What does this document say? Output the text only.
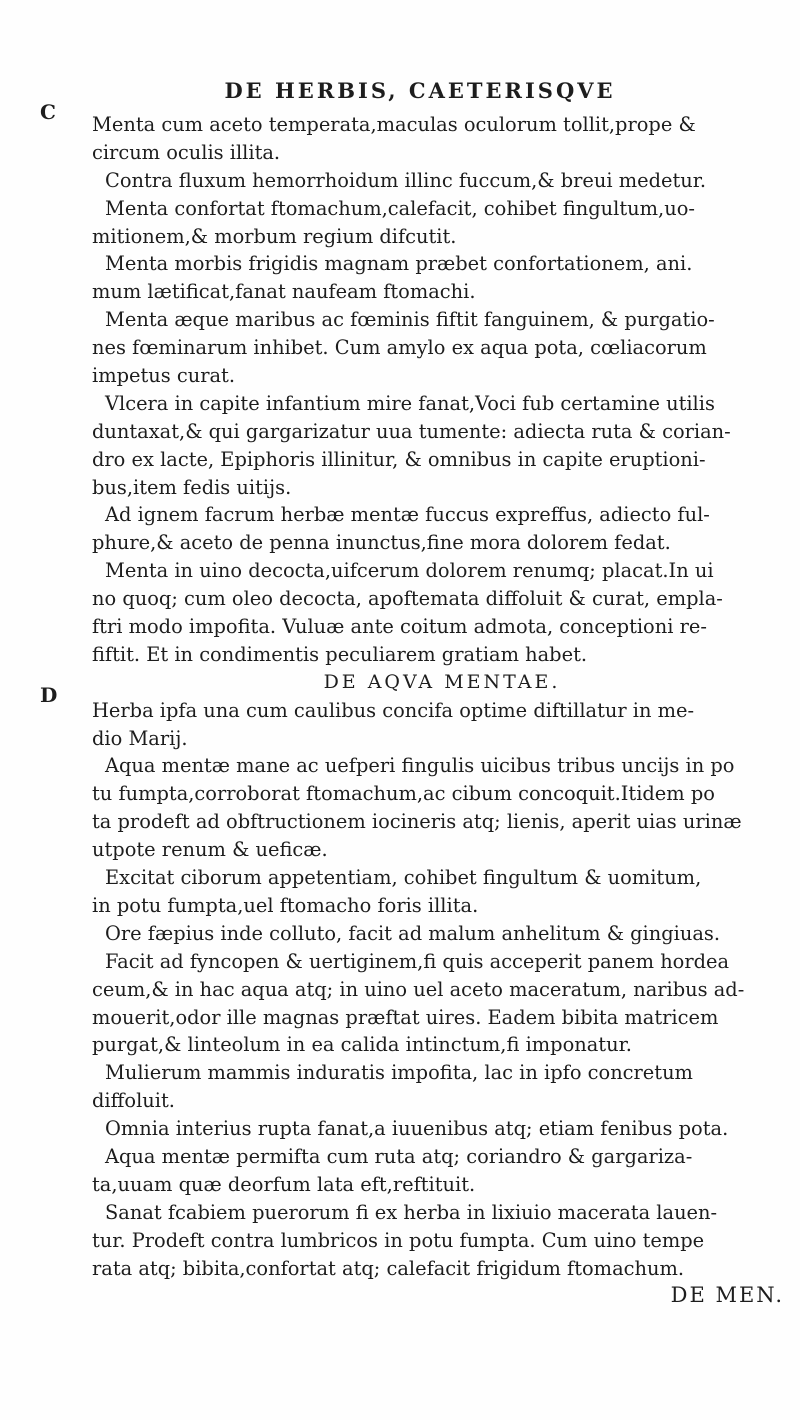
DE HERBIS, CAETERISQVE
C
D

Menta cum aceto temperata,maculas oculorum tollit,prope &

circum oculis illita.

Contra fluxum hemorrhoidum illinc fuccum,& breui medetur.

Menta confortat ftomachum,calefacit, cohibet fingultum,uo-

mitionem,& morbum regium difcutit.

Menta morbis frigidis magnam præbet confortationem, ani.

mum lætificat,fanat naufeam ftomachi.

Menta æque maribus ac fœminis fiftit fanguinem, & purgatio-

nes fœminarum inhibet. Cum amylo ex aqua pota, cœliacorum

impetus curat.

Vlcera in capite infantium mire fanat,Voci fub certamine utilis

duntaxat,& qui gargarizatur uua tumente: adiecta ruta & corian-

dro ex lacte, Epiphoris illinitur, & omnibus in capite eruptioni-

bus,item fedis uitijs.

Ad ignem facrum herbæ mentæ fuccus expreffus, adiecto ful-

phure,& aceto de penna inunctus,fine mora dolorem fedat.

Menta in uino decocta,uifcerum dolorem renumq; placat.In ui

no quoq; cum oleo decocta, apoftemata diffoluit & curat, empla-

ftri modo impofita. Vuluæ ante coitum admota, conceptioni re-

fiftit. Et in condimentis peculiarem gratiam habet.

DE AQVA MENTAE.

Herba ipfa una cum caulibus concifa optime diftillatur in me-

dio Marij.

Aqua mentæ mane ac uefperi fingulis uicibus tribus uncijs in po

tu fumpta,corroborat ftomachum,ac cibum concoquit.Itidem po

ta prodeft ad obftructionem iocineris atq; lienis, aperit uias urinæ

utpote renum & ueficæ.

Excitat ciborum appetentiam, cohibet fingultum & uomitum,

in potu fumpta,uel ftomacho foris illita.

Ore fæpius inde colluto, facit ad malum anhelitum & gingiuas.

Facit ad fyncopen & uertiginem,fi quis acceperit panem hordea

ceum,& in hac aqua atq; in uino uel aceto maceratum, naribus ad-

mouerit,odor ille magnas præftat uires. Eadem bibita matricem

purgat,& linteolum in ea calida intinctum,fi imponatur.

Mulierum mammis induratis impofita, lac in ipfo concretum

diffoluit.

Omnia interius rupta fanat,a iuuenibus atq; etiam fenibus pota.

Aqua mentæ permifta cum ruta atq; coriandro & gargariza-

ta,uuam quæ deorfum lata eft,reftituit.

Sanat fcabiem puerorum fi ex herba in lixiuio macerata lauen-

tur. Prodeft contra lumbricos in potu fumpta. Cum uino tempe

rata atq; bibita,confortat atq; calefacit frigidum ftomachum.

DE MEN.
